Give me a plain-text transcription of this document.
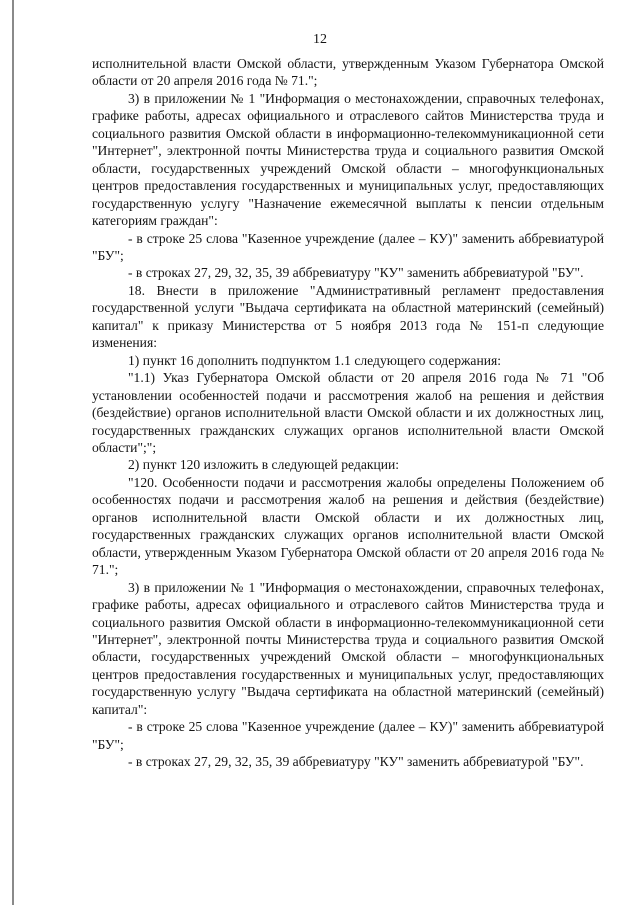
12

исполнительной власти Омской области, утвержденным Указом Губернатора Омской области от 20 апреля 2016 года № 71.";

3) в приложении № 1 "Информация о местонахождении, справочных телефонах, графике работы, адресах официального и отраслевого сайтов Министерства труда и социального развития Омской области в информационно-телекоммуникационной сети "Интернет", электронной почты Министерства труда и социального развития Омской области, государственных учреждений Омской области – многофункциональных центров предоставления государственных и муниципальных услуг, предоставляющих государственную услугу "Назначение ежемесячной выплаты к пенсии отдельным категориям граждан":

- в строке 25 слова "Казенное учреждение (далее – КУ)" заменить аббревиатурой "БУ";

- в строках 27, 29, 32, 35, 39 аббревиатуру "КУ" заменить аббревиатурой "БУ".

18. Внести в приложение "Административный регламент предоставления государственной услуги "Выдача сертификата на областной материнский (семейный) капитал" к приказу Министерства от 5 ноября 2013 года № 151-п следующие изменения:

1) пункт 16 дополнить подпунктом 1.1 следующего содержания:

"1.1) Указ Губернатора Омской области от 20 апреля 2016 года № 71 "Об установлении особенностей подачи и рассмотрения жалоб на решения и действия (бездействие) органов исполнительной власти Омской области и их должностных лиц, государственных гражданских служащих органов исполнительной власти Омской области";";

2) пункт 120 изложить в следующей редакции:

"120. Особенности подачи и рассмотрения жалобы определены Положением об особенностях подачи и рассмотрения жалоб на решения и действия (бездействие) органов исполнительной власти Омской области и их должностных лиц, государственных гражданских служащих органов исполнительной власти Омской области, утвержденным Указом Губернатора Омской области от 20 апреля 2016 года № 71.";

3) в приложении № 1 "Информация о местонахождении, справочных телефонах, графике работы, адресах официального и отраслевого сайтов Министерства труда и социального развития Омской области в информационно-телекоммуникационной сети "Интернет", электронной почты Министерства труда и социального развития Омской области, государственных учреждений Омской области – многофункциональных центров предоставления государственных и муниципальных услуг, предоставляющих государственную услугу "Выдача сертификата на областной материнский (семейный) капитал":

- в строке 25 слова "Казенное учреждение (далее – КУ)" заменить аббревиатурой "БУ";

- в строках 27, 29, 32, 35, 39 аббревиатуру "КУ" заменить аббревиатурой "БУ".
